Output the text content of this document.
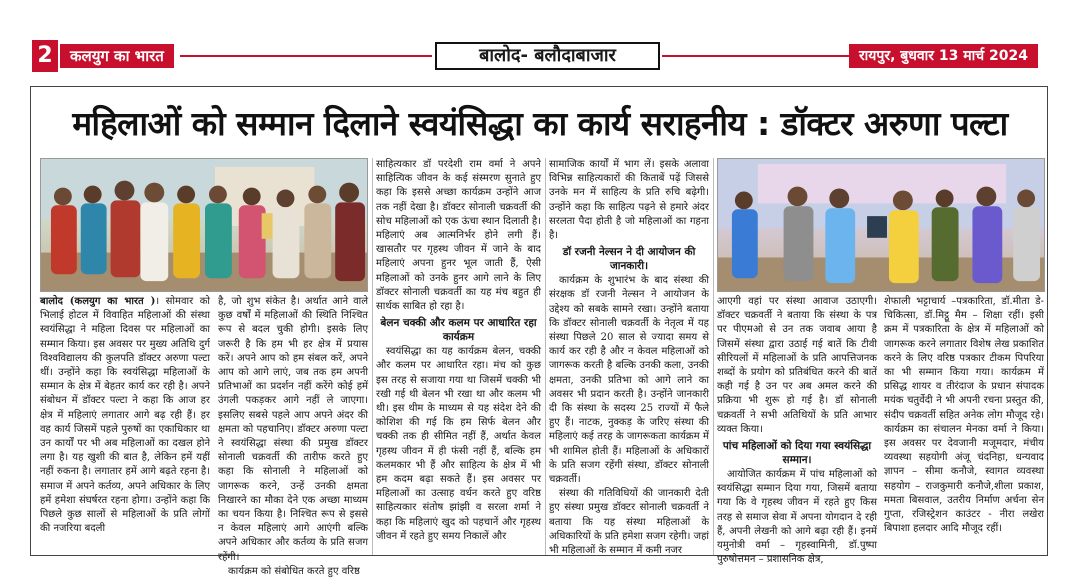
2	कलयुग का भारत	बालोद- बलौदाबाजार	रायपुर, बुधवार 13 मार्च 2024
महिलाओं को सम्मान दिलाने स्वयंसिद्धा का कार्य सराहनीय : डॉक्टर अरुणा पल्टा

बालोद (कलयुग का भारत )। सोमवार को भिलाई होटल में विवाहित महिलाओं की संस्था स्वयंसिद्धा ने महिला दिवस पर महिलाओं का सम्मान किया। इस अवसर पर मुख्य अतिथि दुर्ग विश्वविद्यालय की कुलपति डॉक्टर अरुणा पल्टा थीं। उन्होंने कहा कि स्वयंसिद्धा महिलाओं के सम्मान के क्षेत्र में बेहतर कार्य कर रही है। अपने संबोधन में डॉक्टर पल्टा ने कहा कि आज हर क्षेत्र में महिलाएं लगातार आगे बढ़ रही हैं। हर वह कार्य जिसमें पहले पुरुषों का एकाधिकार था उन कार्यों पर भी अब महिलाओं का दखल होने लगा है। यह खुशी की बात है, लेकिन हमें यहीं नहीं रुकना है। लगातार हमें आगे बढ़ते रहना है। समाज में अपने कर्तव्य, अपने अधिकार के लिए हमें हमेशा संघर्षरत रहना होगा। उन्होंने कहा कि पिछले कुछ सालों से महिलाओं के प्रति लोगों की नजरिया बदली

है, जो शुभ संकेत है। अर्थात आने वाले कुछ वर्षों में महिलाओं की स्थिति निश्चित रूप से बदल चुकी होगी। इसके लिए जरूरी है कि हम भी हर क्षेत्र में प्रयास करें। अपने आप को हम संबल करें, अपने आप को आगे लाएं, जब तक हम अपनी प्रतिभाओं का प्रदर्शन नहीं करेंगे कोई हमें उंगली पकड़कर आगे नहीं ले जाएगा। इसलिए सबसे पहले आप अपने अंदर की क्षमता को पहचानिए। डॉक्टर अरुणा पल्टा ने स्वयंसिद्धा संस्था की प्रमुख डॉक्टर सोनाली चक्रवर्ती की तारीफ करते हुए कहा कि सोनाली ने महिलाओं को जागरूक करने, उन्हें उनकी क्षमता निखारने का मौका देने एक अच्छा माध्यम का चयन किया है। निश्चित रूप से इससे न केवल महिलाएं आगे आएंगी बल्कि अपने अधिकार और कर्तव्य के प्रति सजग रहेंगी।

कार्यक्रम को संबोधित करते हुए वरिष्ठ

साहित्यकार डॉ परदेशी राम वर्मा ने अपने साहित्यिक जीवन के कई संस्मरण सुनाते हुए कहा कि इससे अच्छा कार्यक्रम उन्होंने आज तक नहीं देखा है। डॉक्टर सोनाली चक्रवर्ती की सोच महिलाओं को एक ऊंचा स्थान दिलाती है। महिलाएं अब आत्मनिर्भर होने लगी हैं। खासतौर पर गृहस्थ जीवन में जाने के बाद महिलाएं अपना हुनर भूल जाती हैं, ऐसी महिलाओं को उनके हुनर आगे लाने के लिए डॉक्टर सोनाली चक्रवर्ती का यह मंच बहुत ही सार्थक साबित हो रहा है।

बेलन चक्की और कलम पर आधारित रहा कार्यक्रम

स्वयंसिद्धा का यह कार्यक्रम बेलन, चक्की और कलम पर आधारित रहा। मंच को कुछ इस तरह से सजाया गया था जिसमें चक्की भी रखी गई थी बेलन भी रखा था और कलम भी थी। इस थीम के माध्यम से यह संदेश देने की कोशिश की गई कि हम सिर्फ बेलन और चक्की तक ही सीमित नहीं हैं, अर्थात केवल गृहस्थ जीवन में ही फंसी नहीं हैं, बल्कि हम कलमकार भी हैं और साहित्य के क्षेत्र में भी हम कदम बढ़ा सकते हैं। इस अवसर पर महिलाओं का उत्साह वर्धन करते हुए वरिष्ठ साहित्यकार संतोष झांझी व सरला शर्मा ने कहा कि महिलाएं खुद को पहचानें और गृहस्थ जीवन में रहते हुए समय निकालें और

सामाजिक कार्यों में भाग लें। इसके अलावा विभिन्न साहित्यकारों की किताबें पढ़ें जिससे उनके मन में साहित्य के प्रति रुचि बढ़ेगी। उन्होंने कहा कि साहित्य पढ़ने से हमारे अंदर सरलता पैदा होती है जो महिलाओं का गहना है।

डॉ रजनी नेल्सन ने दी आयोजन की जानकारी।

कार्यक्रम के शुभारंभ के बाद संस्था की संरक्षक डॉ रजनी नेल्सन ने आयोजन के उद्देश्य को सबके सामने रखा। उन्होंने बताया कि डॉक्टर सोनाली चक्रवर्ती के नेतृत्व में यह संस्था पिछले 20 साल से ज्यादा समय से कार्य कर रही है और न केवल महिलाओं को जागरूक करती है बल्कि उनकी कला, उनकी क्षमता, उनकी प्रतिभा को आगे लाने का अवसर भी प्रदान करती है। उन्होंने जानकारी दी कि संस्था के सदस्य 25 राज्यों में फैले हुए हैं। नाटक, नुक्कड़ के जरिए संस्था की महिलाएं कई तरह के जागरूकता कार्यक्रम में भी शामिल होती हैं। महिलाओं के अधिकारों के प्रति सजग रहेंगी संस्था, डॉक्टर सोनाली चक्रवर्ती।

संस्था की गतिविधियों की जानकारी देती हुए संस्था प्रमुख डॉक्टर सोनाली चक्रवर्ती ने बताया कि यह संस्था महिलाओं के अधिकारियों के प्रति हमेशा सजग रहेगी। जहां भी महिलाओं के सम्मान में कमी नजर

आएगी वहां पर संस्था आवाज उठाएगी। डॉक्टर चक्रवर्ती ने बताया कि संस्था के पत्र पर पीएमओ से उन तक जवाब आया है जिसमें संस्था द्वारा उठाई गई बातें कि टीवी सीरियलों में महिलाओं के प्रति आपत्तिजनक शब्दों के प्रयोग को प्रतिबंधित करने की बातें कही गई है उन पर अब अमल करने की प्रक्रिया भी शुरू हो गई है। डॉ सोनाली चक्रवर्ती ने सभी अतिथियों के प्रति आभार व्यक्त किया।

पांच महिलाओं को दिया गया स्वयंसिद्धा सम्मान।

आयोजित कार्यक्रम में पांच महिलाओं को स्वयंसिद्धा सम्मान दिया गया, जिसमें बताया गया कि वे गृहस्थ जीवन में रहते हुए किस तरह से समाज सेवा में अपना योगदान दे रही हैं, अपनी लेखनी को आगे बढ़ा रही हैं। इनमें यमुनोत्री वर्मा – गृहस्वामिनी, डॉ.पुष्पा पुरुषोत्तमन – प्रशासनिक क्षेत्र,

शेफाली भट्टाचार्य –पत्रकारिता, डॉ.मीता डे- चिकित्सा, डॉ.मिट्ठू मैम – शिक्षा रहीं। इसी क्रम में पत्रकारिता के क्षेत्र में महिलाओं को जागरूक करने लगातार विशेष लेख प्रकाशित करने के लिए वरिष्ठ पत्रकार टीकम पिपरिया का भी सम्मान किया गया। कार्यक्रम में प्रसिद्ध शायर व तीरंदाज के प्रधान संपादक मयंक चतुर्वेदी ने भी अपनी रचना प्रस्तुत की, संदीप चक्रवर्ती सहित अनेक लोग मौजूद रहे। कार्यक्रम का संचालन मेनका वर्मा ने किया। इस अवसर पर देवजानी मजूमदार, मंचीय व्यवस्था सहयोगी अंजू चंदनिहा, धन्यवाद ज्ञापन – सीमा कनौजे, स्वागत व्यवस्था सहयोग – राजकुमारी कनौजे,शीला प्रकाश, ममता बिसवाल, उतरीय निर्माण अर्चना सेन गुप्ता, रजिस्ट्रेशन काउंटर - नीरा लखेरा बिपाशा हलदार आदि मौजूद रहीं।
